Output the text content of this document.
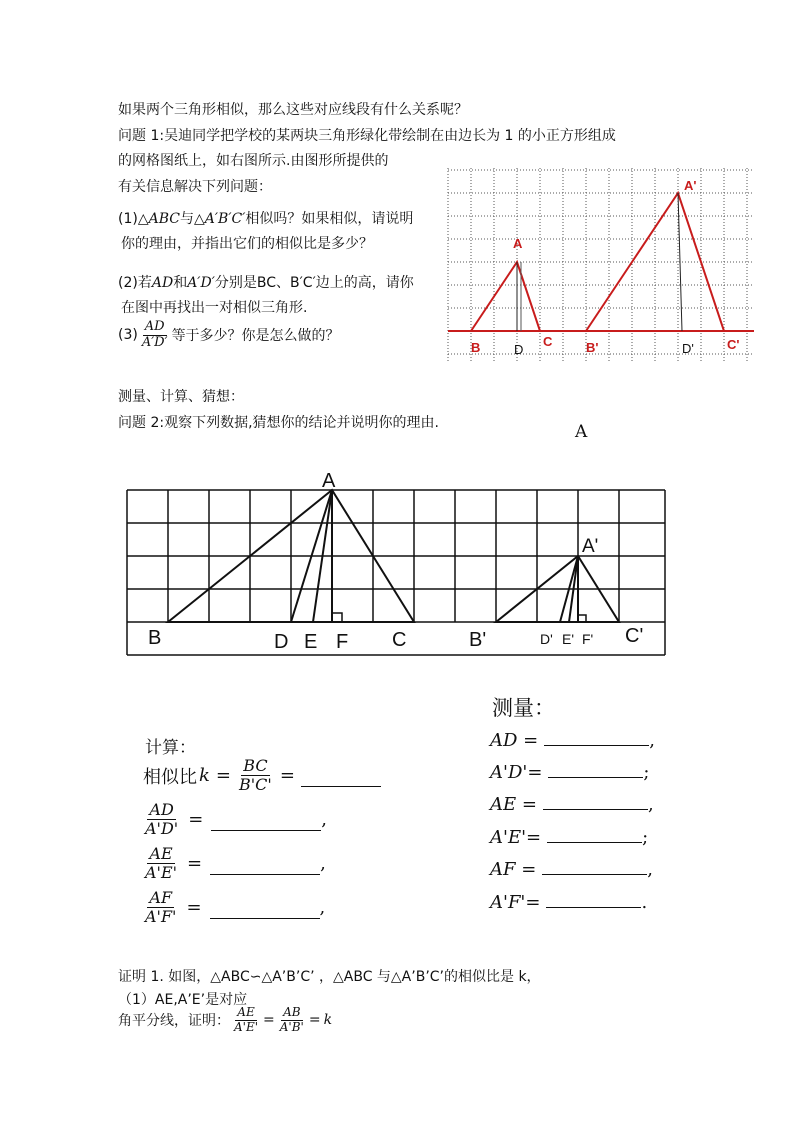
如果两个三角形相似，那么这些对应线段有什么关系呢？
问题 1:吴迪同学把学校的某两块三角形绿化带绘制在由边长为 1 的小正方形组成
的网格图纸上，如右图所示.由图形所提供的
有关信息解决下列问题：
(1)△ABC与△A′B′C′相似吗？如果相似，请说明
你的理由，并指出它们的相似比是多少？
(2)若AD和A′D′分别是BC、B′C′边上的高，请你
在图中再找出一对相似三角形.
$(3) \frac{AD}{A'D'}$ 等于多少？你是怎么做的？
A
B	C
A'
B'	C'
D	D'
测量、计算、猜想：
问题 2:观察下列数据,猜想你的结论并说明你的理由.	A
A
B	D E F C
A'
B'	D' E' F' C'
测量：
AD =	,
A'D'=	;
AE =	,
A'E'=	;
AF =	,
A'F'=	.
计算：
相似比 $k = \frac{BC}{B'C'}$ =
$\frac{AD}{A'D'}$ =	,
$\frac{AE}{A'E'}$ =	,
$\frac{AF}{A'F'}$ =	,
证明 1. 如图，△ABC∽△A’B’C’ ，△ABC 与△A’B’C’的相似比是 k，
（1）AE,A’E’是对应
角平分线，证明： $\frac{AE}{A'E'} = \frac{AB}{A'B'} = k$
